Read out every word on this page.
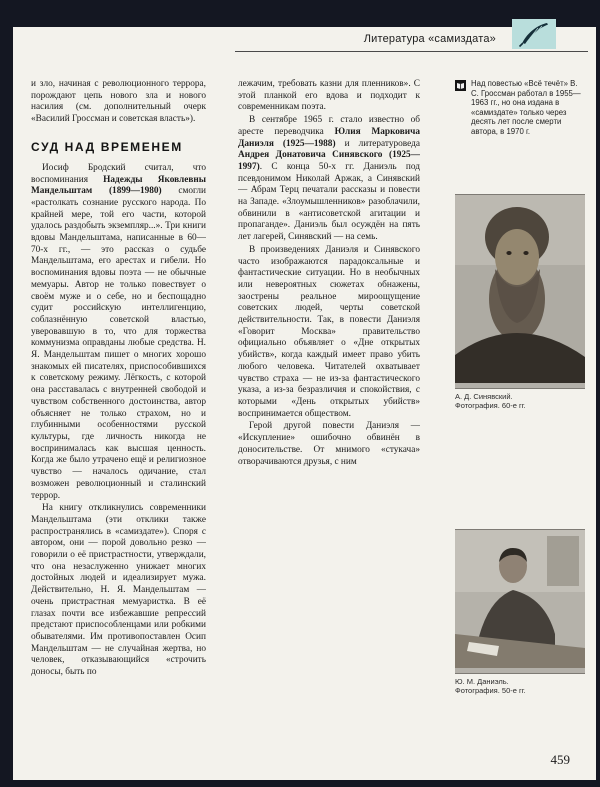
Литература «самиздата»

и зло, начиная с революционного террора, порождают цепь нового зла и нового насилия (см. дополнительный очерк «Василий Гроссман и советская власть»).

СУД НАД ВРЕМЕНЕМ

Иосиф Бродский считал, что воспоминания Надежды Яковлевны Мандельштам (1899—1980) смогли «растолкать сознание русского народа. По крайней мере, той его части, которой удалось раздобыть экземпляр...». Три книги вдовы Мандельштама, написанные в 60—70-х гг., — это рассказ о судьбе Мандельштама, его арестах и гибели. Но воспоминания вдовы поэта — не обычные мемуары. Автор не только повествует о своём муже и о себе, но и беспощадно судит российскую интеллигенцию, соблазнённую советской властью, уверовавшую в то, что для торжества коммунизма оправданы любые средства. Н. Я. Мандельштам пишет о многих хорошо знакомых ей писателях, приспособившихся к советскому режиму. Лёгкость, с которой она расставалась с внутренней свободой и чувством собственного достоинства, автор объясняет не только страхом, но и глубинными особенностями русской культуры, где личность никогда не воспринималась как высшая ценность. Когда же было утрачено ещё и религиозное чувство — началось одичание, стал возможен революционный и сталинский террор.

На книгу откликнулись современники Мандельштама (эти отклики также распространялись в «самиздате»). Споря с автором, они — порой довольно резко — говорили о её пристрастности, утверждали, что она незаслуженно унижает многих достойных людей и идеализирует мужа. Действительно, Н. Я. Мандельштам — очень пристрастная мемуаристка. В её глазах почти все избежавшие репрессий предстают приспособленцами или робкими обывателями. Им противопоставлен Осип Мандельштам — не случайная жертва, но человек, отказывающийся «строчить доносы, быть по

лежачим, требовать казни для пленников». С этой планкой его вдова и подходит к современникам поэта.

В сентябре 1965 г. стало известно об аресте переводчика Юлия Марковича Даниэля (1925—1988) и литературоведа Андрея Донатовича Синявского (1925—1997). С конца 50-х гг. Даниэль под псевдонимом Николай Аржак, а Синявский — Абрам Терц печатали рассказы и повести на Западе. «Злоумышленников» разоблачили, обвинили в «антисоветской агитации и пропаганде». Даниэль был осуждён на пять лет лагерей, Синявский — на семь.

В произведениях Даниэля и Синявского часто изображаются парадоксальные и фантастические ситуации. Но в необычных или невероятных сюжетах обнажены, заострены реальное мироощущение советских людей, черты советской действительности. Так, в повести Даниэля «Говорит Москва» правительство официально объявляет о «Дне открытых убийств», когда каждый имеет право убить любого человека. Читателей охватывает чувство страха — не из-за фантастического указа, а из-за безразличия и спокойствия, с которыми «День открытых убийств» воспринимается обществом.

Герой другой повести Даниэля — «Искупление» ошибочно обвинён в доносительстве. От мнимого «стукача» отворачиваются друзья, с ним

Над повестью «Всё течёт» В. С. Гроссман работал в 1955—1963 гг., но она издана в «самиздате» только через десять лет после смерти автора, в 1970 г.
А. Д. Синявский.
Фотография. 60-е гг.
Ю. М. Даниэль.
Фотография. 50-е гг.
459
